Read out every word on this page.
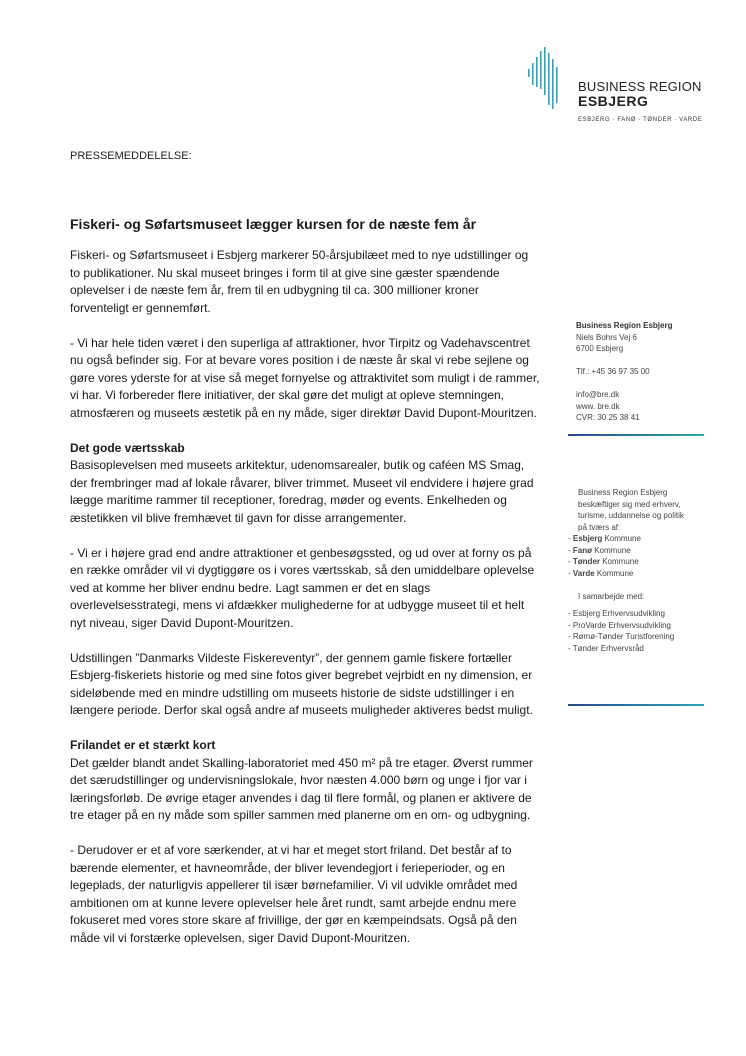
BUSINESS REGION
ESBJERG
ESBJERG · FANØ · TØNDER · VARDE
PRESSEMEDDELELSE:
Fiskeri- og Søfartsmuseet lægger kursen for de næste fem år

Fiskeri- og Søfartsmuseet i Esbjerg markerer 50-årsjubilæet med to nye udstillinger og to publikationer. Nu skal museet bringes i form til at give sine gæster spændende oplevelser i de næste fem år, frem til en udbygning til ca. 300 millioner kroner forventeligt er gennemført.

- Vi har hele tiden været i den superliga af attraktioner, hvor Tirpitz og Vadehavscentret nu også befinder sig. For at bevare vores position i de næste år skal vi rebe sejlene og gøre vores yderste for at vise så meget fornyelse og attraktivitet som muligt i de rammer, vi har. Vi forbereder flere initiativer, der skal gøre det muligt at opleve stemningen, atmosfæren og museets æstetik på en ny måde, siger direktør David Dupont-Mouritzen.

Det gode værtsskab

Basisoplevelsen med museets arkitektur, udenomsarealer, butik og caféen MS Smag, der frembringer mad af lokale råvarer, bliver trimmet. Museet vil endvidere i højere grad lægge maritime rammer til receptioner, foredrag, møder og events. Enkelheden og æstetikken vil blive fremhævet til gavn for disse arrangementer.

- Vi er i højere grad end andre attraktioner et genbesøgssted, og ud over at forny os på en række områder vil vi dygtiggøre os i vores værtsskab, så den umiddelbare oplevelse ved at komme her bliver endnu bedre. Lagt sammen er det en slags overlevelsesstrategi, mens vi afdækker mulighederne for at udbygge museet til et helt nyt niveau, siger David Dupont-Mouritzen.

Udstillingen ”Danmarks Vildeste Fiskereventyr”, der gennem gamle fiskere fortæller Esbjerg-fiskeriets historie og med sine fotos giver begrebet vejrbidt en ny dimension, er sideløbende med en mindre udstilling om museets historie de sidste udstillinger i en længere periode. Derfor skal også andre af museets muligheder aktiveres bedst muligt.

Frilandet er et stærkt kort

Det gælder blandt andet Skalling-laboratoriet med 450 m² på tre etager. Øverst rummer det særudstillinger og undervisningslokale, hvor næsten 4.000 børn og unge i fjor var i læringsforløb. De øvrige etager anvendes i dag til flere formål, og planen er aktivere de tre etager på en ny måde som spiller sammen med planerne om en om- og udbygning.

- Derudover er et af vore særkender, at vi har et meget stort friland. Det består af to bærende elementer, et havneområde, der bliver levendegjort i ferieperioder, og en legeplads, der naturligvis appellerer til især børnefamilier. Vi vil udvikle området med ambitionen om at kunne levere oplevelser hele året rundt, samt arbejde endnu mere fokuseret med vores store skare af frivillige, der gør en kæmpeindsats. Også på den måde vil vi forstærke oplevelsen, siger David Dupont-Mouritzen.

Business Region Esbjerg
Niels Bohrs Vej 6
6700 Esbjerg
Tlf.: +45 36 97 35 00
info@bre.dk
www. bre.dk
CVR: 30 25 38 41
Business Region Esbjerg
beskæftiger sig med erhverv,
turisme, uddannelse og politik
på tværs af:
- Esbjerg Kommune
- Fanø Kommune
- Tønder Kommune
- Varde Kommune
I samarbejde med:
- Esbjerg Erhvervsudvikling
- ProVarde Erhvervsudvikling
- Rømø-Tønder Turistforening
- Tønder Erhvervsråd
